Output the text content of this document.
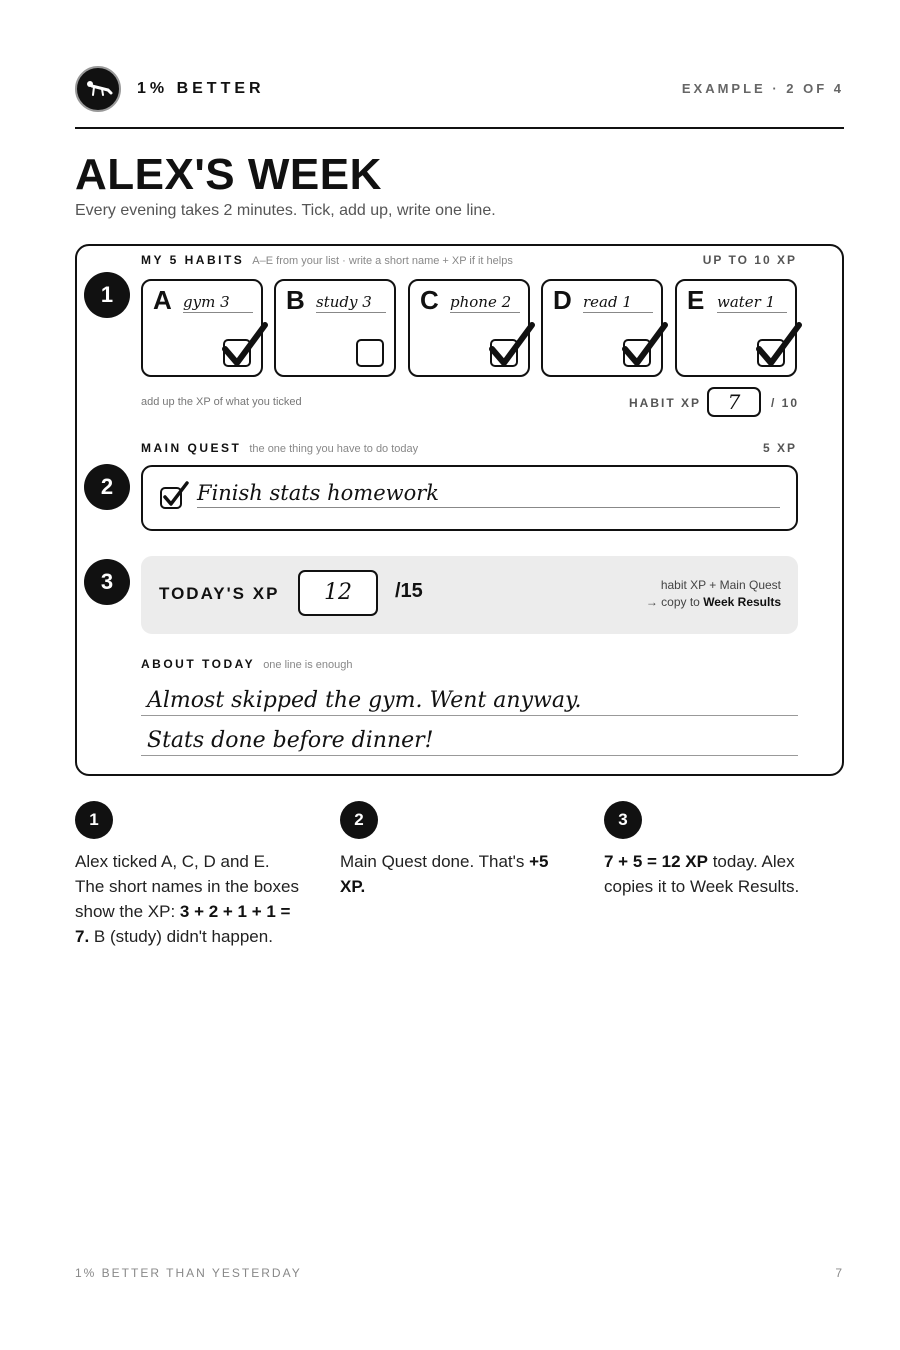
1% BETTER	EXAMPLE · 2 OF 4
ALEX'S WEEK
Every evening takes 2 minutes. Tick, add up, write one line.
1
MY 5 HABITS A–E from your list · write a short name + XP if it helps	UP TO 10 XP
A gym 3	B study 3	C phone 2	D read 1	E water 1
add up the XP of what you ticked	HABIT XP	7	/ 10
MAIN QUEST the one thing you have to do today	5 XP
2	Finish stats homework
3	TODAY'S XP	12	/15	habit XP + Main Quest
→ copy to Week Results
ABOUT TODAY one line is enough
Almost skipped the gym. Went anyway.
Stats done before dinner!
1

Alex ticked A, C, D and E. The short names in the boxes show the XP: 3 + 2 + 1 + 1 = 7. B (study) didn't happen.

2

Main Quest done. That's +5 XP.

3

7 + 5 = 12 XP today. Alex copies it to Week Results.

1% BETTER THAN YESTERDAY	7
